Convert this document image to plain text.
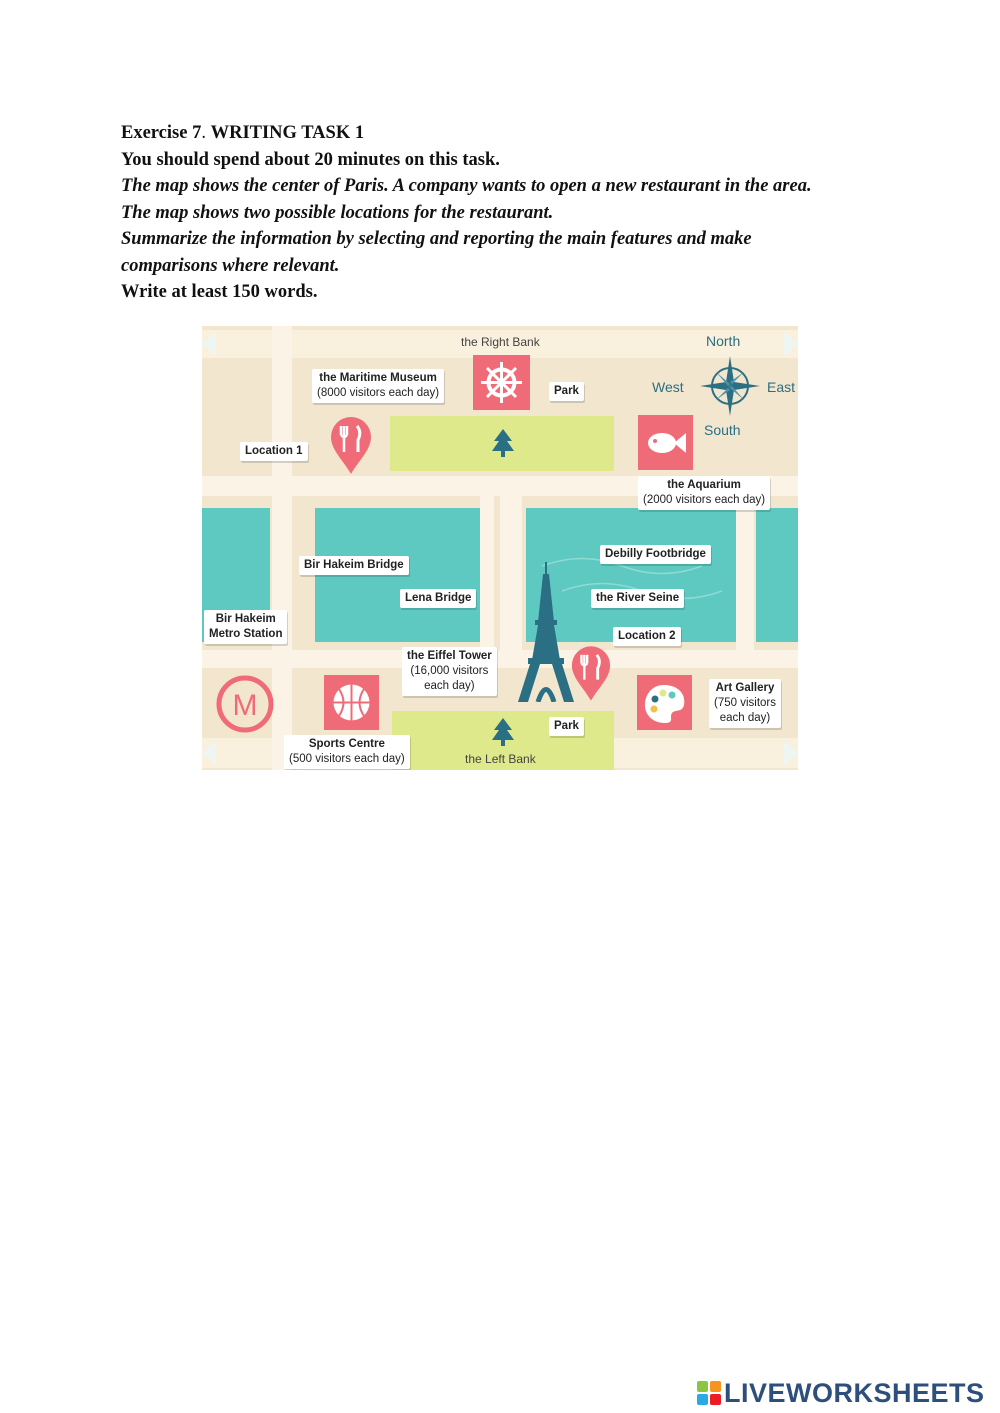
Exercise 7. WRITING TASK 1

You should spend about 20 minutes on this task.

The map shows the center of Paris. A company wants to open a new restaurant in the area.

The map shows two possible locations for the restaurant.

Summarize the information by selecting and reporting the main features and make

comparisons where relevant.

Write at least 150 words.

the Right Bank
the Left Bank
North
South
West	East
the Maritime Museum
(8000 visitors each day)	Park
Location 1
the Aquarium
(2000 visitors each day)
Debilly Footbridge
Bir Hakeim Bridge
Lena Bridge	the River Seine
Bir Hakeim
Metro Station
M
Location 2
the Eiffel Tower
(16,000 visitors
each day)	Art Gallery
(750 visitors
each day)
Sports Centre
(500 visitors each day)
Park
LIVEWORKSHEETS
